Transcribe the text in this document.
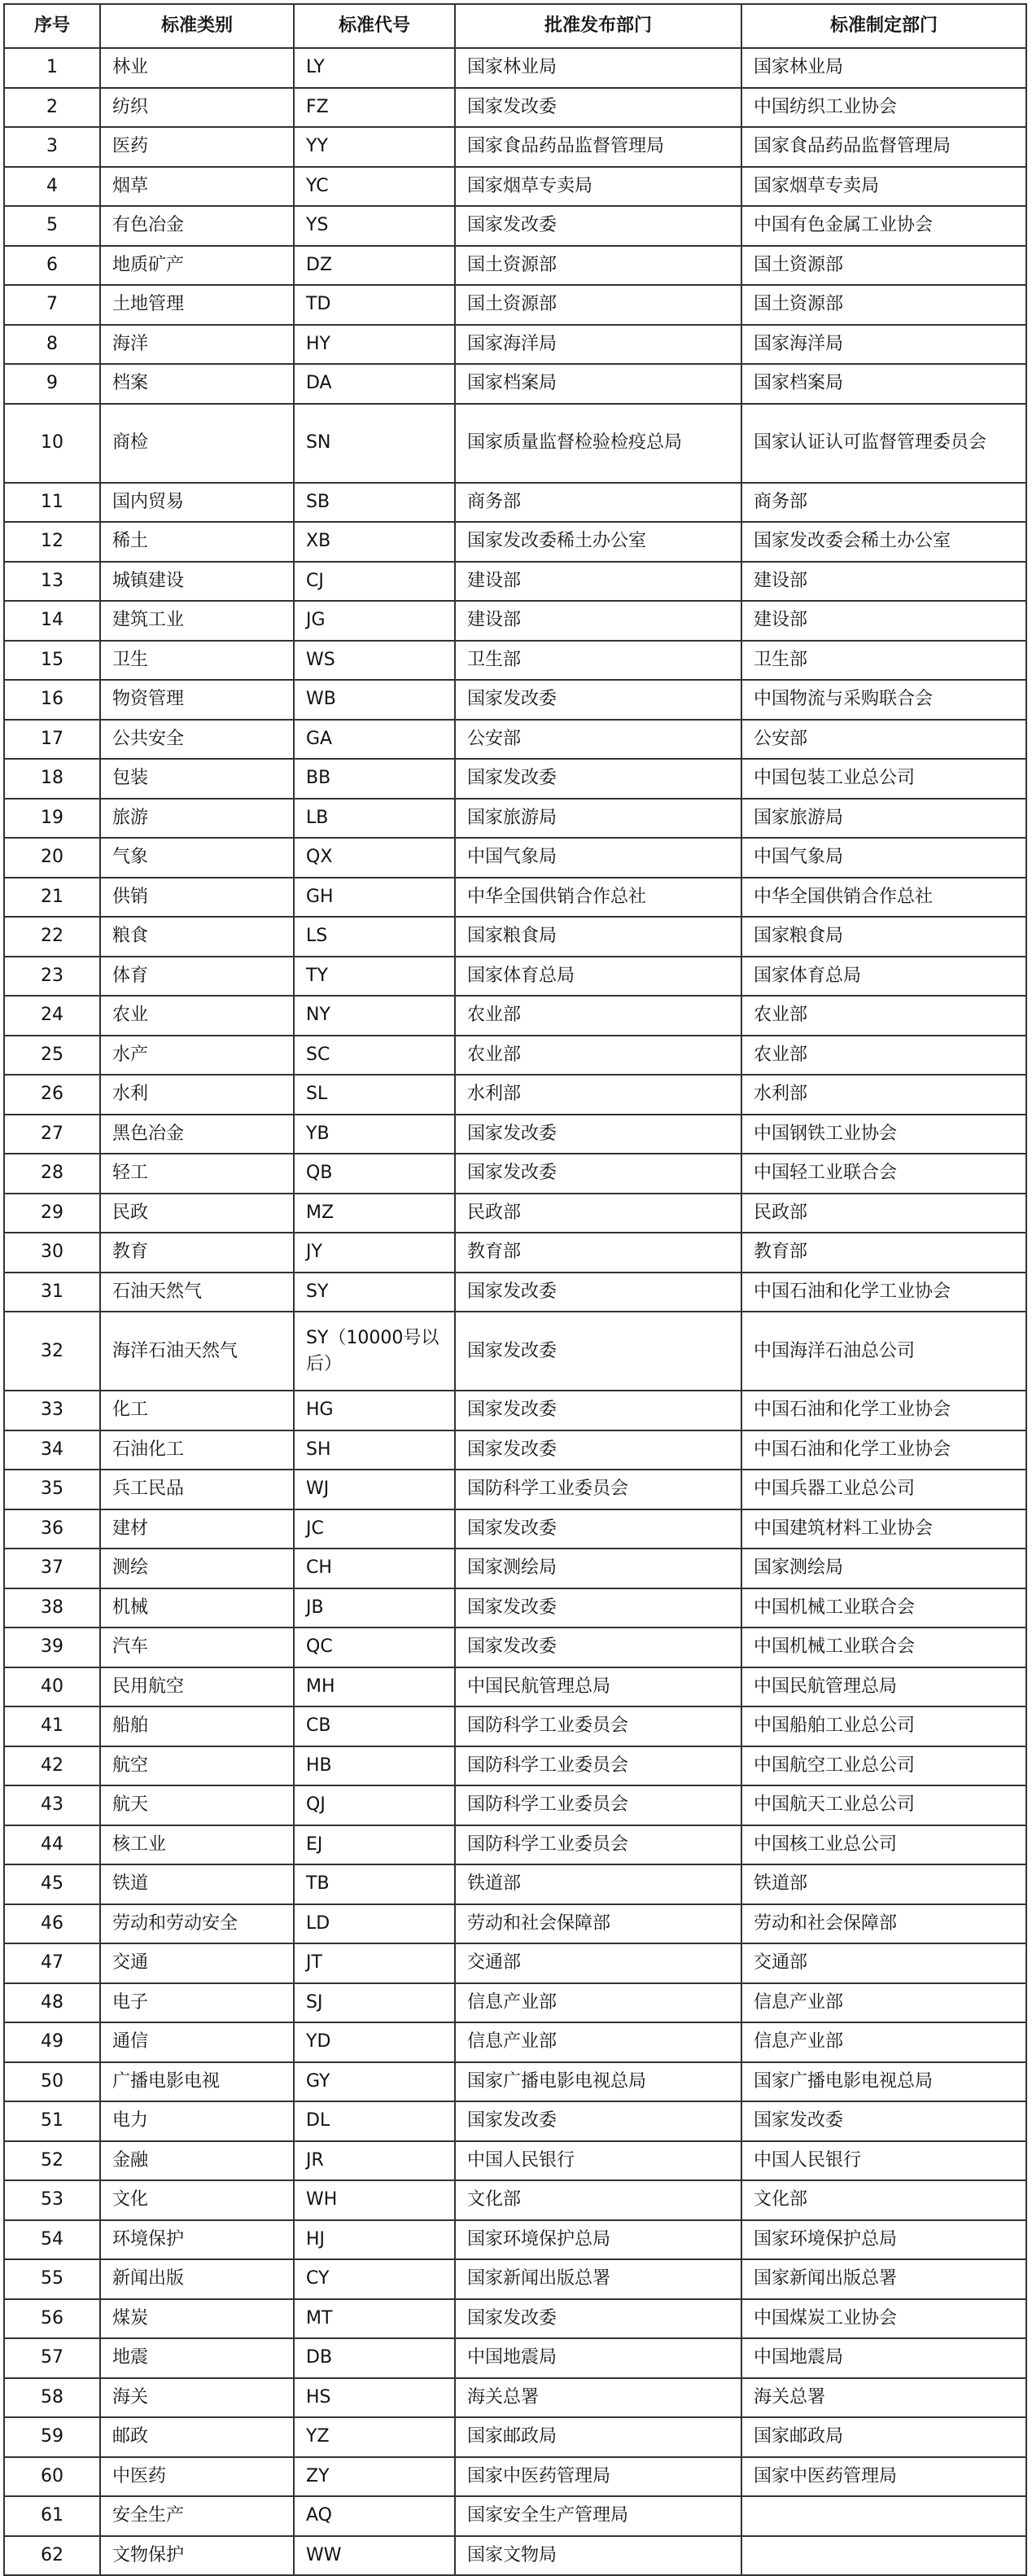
序号	标准类别	标准代号	批准发布部门	标准制定部门
1	林业	LY	国家林业局	国家林业局
2	纺织	FZ	国家发改委	中国纺织工业协会
3	医药	YY	国家食品药品监督管理局	国家食品药品监督管理局
4	烟草	YC	国家烟草专卖局	国家烟草专卖局
5	有色冶金	YS	国家发改委	中国有色金属工业协会
6	地质矿产	DZ	国土资源部	国土资源部
7	土地管理	TD	国土资源部	国土资源部
8	海洋	HY	国家海洋局	国家海洋局
9	档案	DA	国家档案局	国家档案局
10	商检	SN	国家质量监督检验检疫总局	国家认证认可监督管理委员会
11	国内贸易	SB	商务部	商务部
12	稀土	XB	国家发改委稀土办公室	国家发改委会稀土办公室
13	城镇建设	CJ	建设部	建设部
14	建筑工业	JG	建设部	建设部
15	卫生	WS	卫生部	卫生部
16	物资管理	WB	国家发改委	中国物流与采购联合会
17	公共安全	GA	公安部	公安部
18	包装	BB	国家发改委	中国包装工业总公司
19	旅游	LB	国家旅游局	国家旅游局
20	气象	QX	中国气象局	中国气象局
21	供销	GH	中华全国供销合作总社	中华全国供销合作总社
22	粮食	LS	国家粮食局	国家粮食局
23	体育	TY	国家体育总局	国家体育总局
24	农业	NY	农业部	农业部
25	水产	SC	农业部	农业部
26	水利	SL	水利部	水利部
27	黑色冶金	YB	国家发改委	中国钢铁工业协会
28	轻工	QB	国家发改委	中国轻工业联合会
29	民政	MZ	民政部	民政部
30	教育	JY	教育部	教育部
31	石油天然气	SY	国家发改委	中国石油和化学工业协会
32	海洋石油天然气	SY（10000号以后）	国家发改委	中国海洋石油总公司
33	化工	HG	国家发改委	中国石油和化学工业协会
34	石油化工	SH	国家发改委	中国石油和化学工业协会
35	兵工民品	WJ	国防科学工业委员会	中国兵器工业总公司
36	建材	JC	国家发改委	中国建筑材料工业协会
37	测绘	CH	国家测绘局	国家测绘局
38	机械	JB	国家发改委	中国机械工业联合会
39	汽车	QC	国家发改委	中国机械工业联合会
40	民用航空	MH	中国民航管理总局	中国民航管理总局
41	船舶	CB	国防科学工业委员会	中国船舶工业总公司
42	航空	HB	国防科学工业委员会	中国航空工业总公司
43	航天	QJ	国防科学工业委员会	中国航天工业总公司
44	核工业	EJ	国防科学工业委员会	中国核工业总公司
45	铁道	TB	铁道部	铁道部
46	劳动和劳动安全	LD	劳动和社会保障部	劳动和社会保障部
47	交通	JT	交通部	交通部
48	电子	SJ	信息产业部	信息产业部
49	通信	YD	信息产业部	信息产业部
50	广播电影电视	GY	国家广播电影电视总局	国家广播电影电视总局
51	电力	DL	国家发改委	国家发改委
52	金融	JR	中国人民银行	中国人民银行
53	文化	WH	文化部	文化部
54	环境保护	HJ	国家环境保护总局	国家环境保护总局
55	新闻出版	CY	国家新闻出版总署	国家新闻出版总署
56	煤炭	MT	国家发改委	中国煤炭工业协会
57	地震	DB	中国地震局	中国地震局
58	海关	HS	海关总署	海关总署
59	邮政	YZ	国家邮政局	国家邮政局
60	中医药	ZY	国家中医药管理局	国家中医药管理局
61	安全生产	AQ	国家安全生产管理局	
62	文物保护	WW	国家文物局	
